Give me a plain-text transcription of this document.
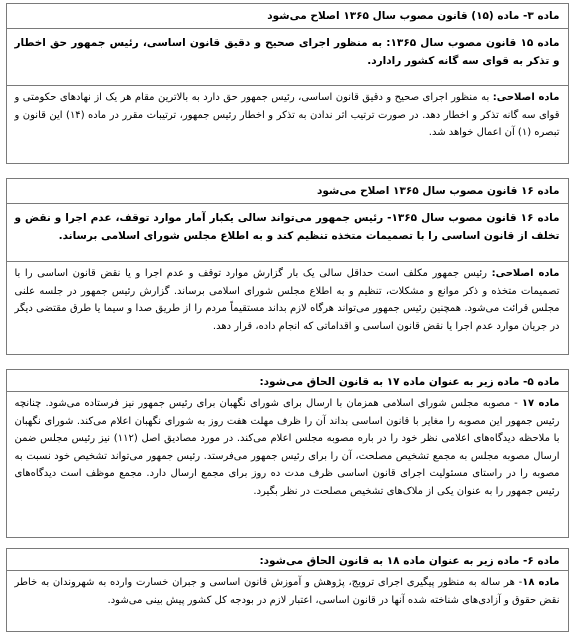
ماده ۳- ماده (۱۵) قانون مصوب سال ۱۳۶۵ اصلاح می‌شود
ماده ۱۵ قانون مصوب سال ۱۳۶۵: به منظور اجرای صحیح و دقیق قانون اساسی، رئیس جمهور حق اخطار و تذکر به قوای سه گانه کشور رادارد.
ماده اصلاحی: به منظور اجرای صحیح و دقیق قانون اساسی، رئیس جمهور حق دارد به بالاترین مقام هر یک از نهادهای حکومتی و قوای سه گانه تذکر و اخطار دهد. در صورت ترتیب اثر ندادن به تذکر و اخطار رئیس جمهور، ترتیبات مقرر در ماده (۱۴) این قانون و تبصره (۱) آن اعمال خواهد شد.
ماده ۱۶ قانون مصوب سال ۱۳۶۵ اصلاح می‌شود
ماده ۱۶ قانون مصوب سال ۱۳۶۵- رئیس جمهور می‌تواند سالی یکبار آمار موارد توقف، عدم اجرا و نقض و تخلف از قانون اساسی را با تصمیمات متخذه تنظیم کند و به اطلاع مجلس شورای اسلامی برساند.
ماده اصلاحی: رئیس جمهور مکلف است حداقل سالی یک بار گزارش موارد توقف و عدم اجرا و یا نقض قانون اساسی را با تصمیمات متخذه و ذکر موانع و مشکلات، تنظیم و به اطلاع مجلس شورای اسلامی برساند. گزارش رئیس جمهور در جلسه علنی مجلس قرائت می‌شود. همچنین رئیس جمهور می‌تواند هرگاه لازم بداند مستقیماً مردم را از طریق صدا و سیما یا طرق مقتضی دیگر در جریان موارد عدم اجرا یا نقض قانون اساسی و اقداماتی که انجام داده، قرار دهد.
ماده ۵- ماده زیر به عنوان ماده ۱۷ به قانون الحاق می‌شود:
ماده ۱۷ - مصوبه مجلس شورای اسلامی همزمان با ارسال برای شورای نگهبان برای رئیس جمهور نیز فرستاده می‌شود. چنانچه رئیس جمهور این مصوبه را مغایر با قانون اساسی بداند آن را ظرف مهلت هفت روز به شورای نگهبان اعلام می‌کند. شورای نگهبان با ملاحظه دیدگاه‌های اعلامی نظر خود را در باره مصوبه مجلس اعلام می‌کند. در مورد مصادیق اصل (۱۱۲) نیز رئیس مجلس ضمن ارسال مصوبه مجلس به مجمع تشخیص مصلحت، آن را برای رئیس جمهور می‌فرستد. رئیس جمهور می‌تواند تشخیص خود نسبت به مصوبه را در راستای مسئولیت اجرای قانون اساسی ظرف مدت ده روز برای مجمع ارسال دارد. مجمع موظف است دیدگاه‌های رئیس جمهور را به عنوان یکی از ملاک‌های تشخیص مصلحت در نظر بگیرد.
ماده ۶- ماده زیر به عنوان ماده ۱۸ به قانون الحاق می‌شود:
ماده ۱۸- هر ساله به منظور پیگیری اجرای ترویج، پژوهش و آموزش قانون اساسی و جبران خسارت وارده به شهروندان به خاطر نقض حقوق و آزادی‌های شناخته شده آنها در قانون اساسی، اعتبار لازم در بودجه کل کشور پیش بینی می‌شود.
